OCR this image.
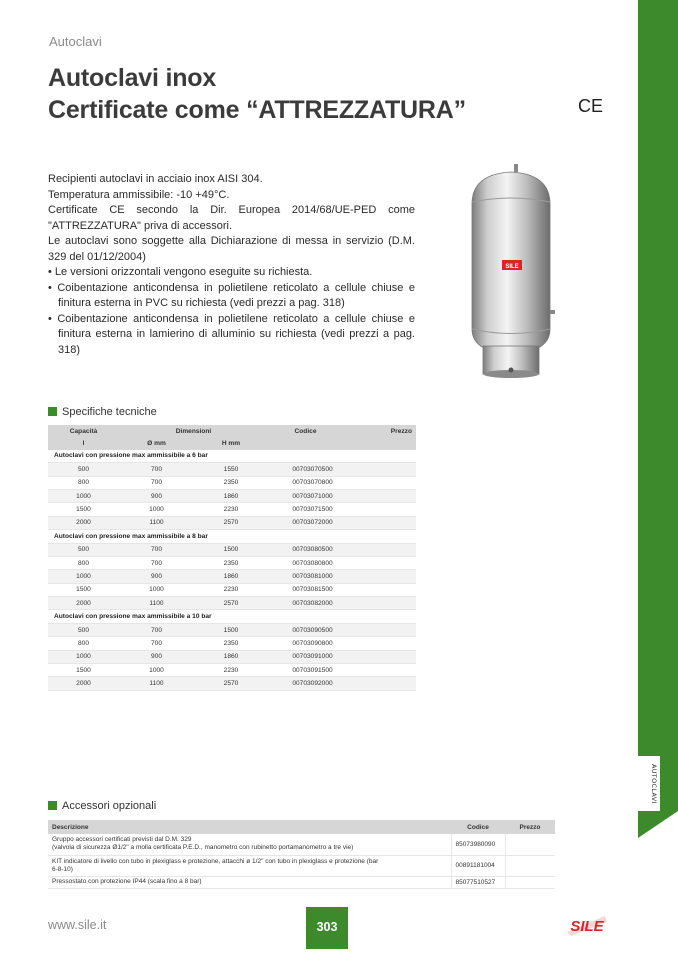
AUTOCLAVI
Autoclavi
Autoclavi inox
Certificate come “ATTREZZATURA”	CE

Recipienti autoclavi in acciaio inox AISI 304.

Temperatura ammissibile: -10 +49°C.

Certificate CE secondo la Dir. Europea 2014/68/UE-PED come "ATTREZZATURA" priva di accessori.

Le autoclavi sono soggette alla Dichiarazione di messa in servizio (D.M. 329 del 01/12/2004)

• Le versioni orizzontali vengono eseguite su richiesta.
• Coibentazione anticondensa in polietilene reticolato a cellule chiuse e finitura esterna in PVC su richiesta (vedi prezzi a pag. 318)
• Coibentazione anticondensa in polietilene reticolato a cellule chiuse e finitura esterna in lamierino di alluminio su richiesta (vedi prezzi a pag. 318)
SILE
Specifiche tecniche
Capacità	Dimensioni		Codice	Prezzo
l	Ø mm	H mm		
Autoclavi con pressione max ammissibile a 6 bar				
500	700	1550	00703070500	
800	700	2350	00703070800	
1000	900	1860	00703071000	
1500	1000	2230	00703071500	
2000	1100	2570	00703072000	
Autoclavi con pressione max ammissibile a 8 bar				
500	700	1500	00703080500	
800	700	2350	00703080800	
1000	900	1860	00703081000	
1500	1000	2230	00703081500	
2000	1100	2570	00703082000	
Autoclavi con pressione max ammissibile a 10 bar				
500	700	1500	00703090500	
800	700	2350	00703090800	
1000	900	1860	00703091000	
1500	1000	2230	00703091500	
2000	1100	2570	00703092000	
Accessori opzionali
Descrizione	Codice	Prezzo

Gruppo accessori certificati previsti dal D.M. 329
(valvola di sicurezza Ø1/2" a molla certificata P.E.D., manometro con rubinetto portamanometro a tre vie)	85073980090	

KIT indicatore di livello con tubo in plexiglass e protezione, attacchi ø 1/2" con tubo in plexiglass e protezione (bar
6-8-10)	00891181004	

Pressostato con protezione IP44 (scala fino a 8 bar)	85077510527	
www.sile.it	303	SILE
